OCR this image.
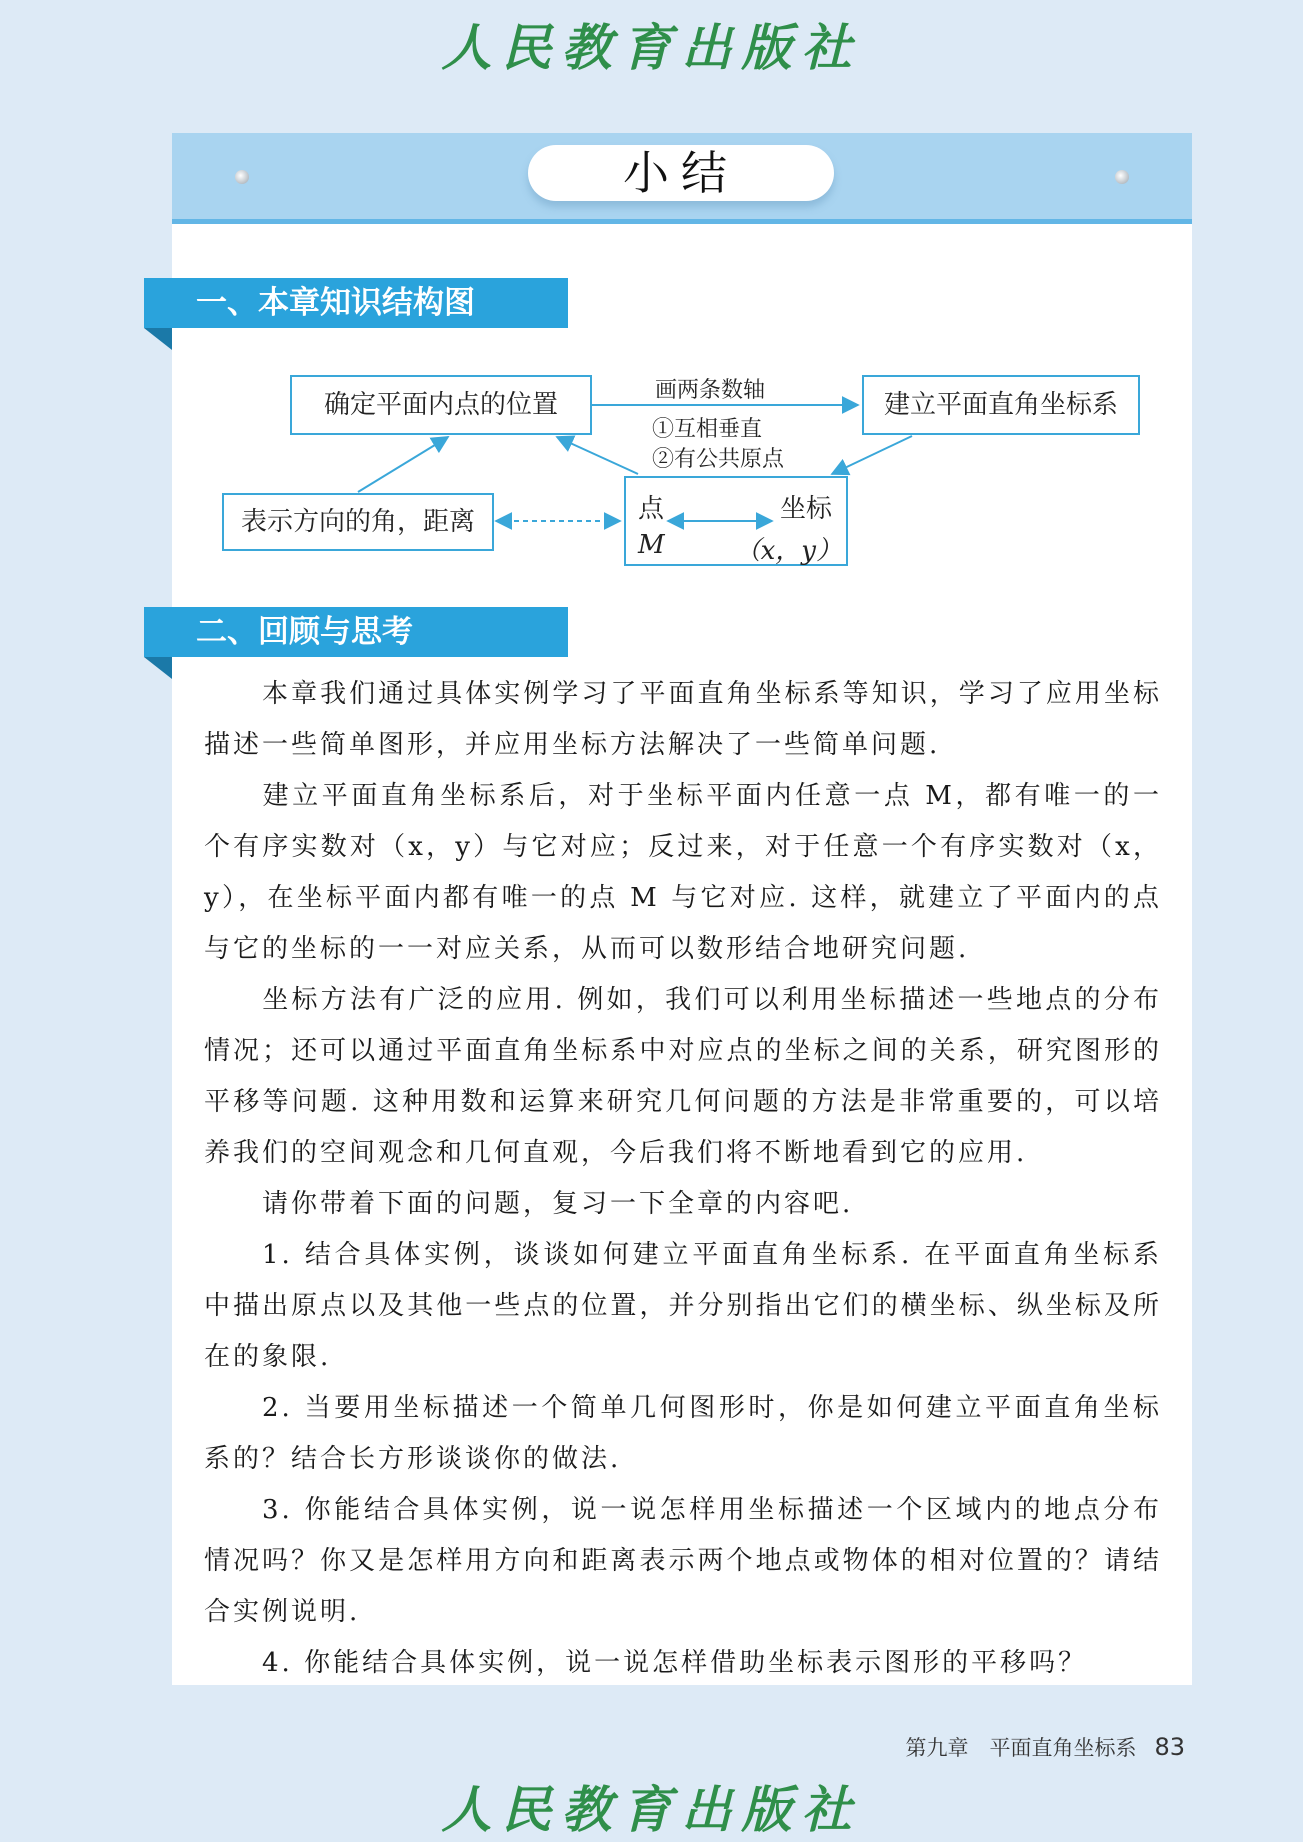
人民教育出版社
小结
一、本章知识结构图
确定平面内点的位置	建立平面直角坐标系
表示方向的角，距离	点
M
坐标
（x，y）
画两条数轴
①互相垂直
②有公共原点
二、回顾与思考
本章我们通过具体实例学习了平面直角坐标系等知识，学习了应用坐标描述一些简单图形，并应用坐标方法解决了一些简单问题.
建立平面直角坐标系后，对于坐标平面内任意一点 M，都有唯一的一个有序实数对（x，y）与它对应；反过来，对于任意一个有序实数对（x，y），在坐标平面内都有唯一的点 M 与它对应. 这样，就建立了平面内的点与它的坐标的一一对应关系，从而可以数形结合地研究问题.
坐标方法有广泛的应用. 例如，我们可以利用坐标描述一些地点的分布情况；还可以通过平面直角坐标系中对应点的坐标之间的关系，研究图形的平移等问题. 这种用数和运算来研究几何问题的方法是非常重要的，可以培养我们的空间观念和几何直观，今后我们将不断地看到它的应用.
请你带着下面的问题，复习一下全章的内容吧.
1. 结合具体实例，谈谈如何建立平面直角坐标系. 在平面直角坐标系中描出原点以及其他一些点的位置，并分别指出它们的横坐标、纵坐标及所在的象限.
2. 当要用坐标描述一个简单几何图形时，你是如何建立平面直角坐标系的？结合长方形谈谈你的做法.
3. 你能结合具体实例，说一说怎样用坐标描述一个区域内的地点分布情况吗？你又是怎样用方向和距离表示两个地点或物体的相对位置的？请结合实例说明.
4. 你能结合具体实例，说一说怎样借助坐标表示图形的平移吗？
第九章　平面直角坐标系 83
人民教育出版社
